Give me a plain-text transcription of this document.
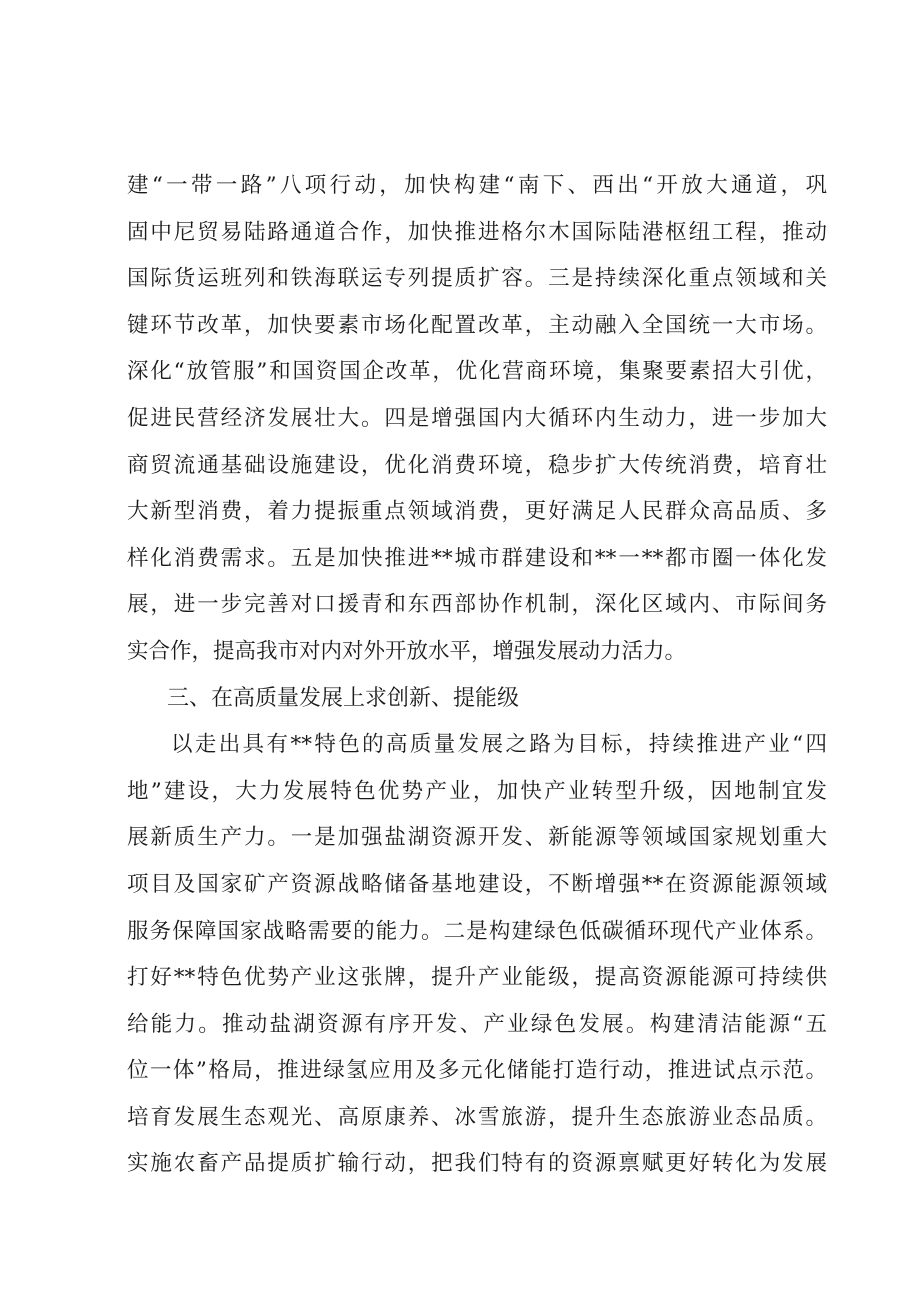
建“一带一路”八项行动，加快构建“南下、西出“开放大通道，巩
固中尼贸易陆路通道合作，加快推进格尔木国际陆港枢纽工程，推动
国际货运班列和铁海联运专列提质扩容。三是持续深化重点领域和关
键环节改革，加快要素市场化配置改革，主动融入全国统一大市场。
深化“放管服”和国资国企改革，优化营商环境，集聚要素招大引优，
促进民营经济发展壮大。四是增强国内大循环内生动力，进一步加大
商贸流通基础设施建设，优化消费环境，稳步扩大传统消费，培育壮
大新型消费，着力提振重点领域消费，更好满足人民群众高品质、多
样化消费需求。五是加快推进**城市群建设和**一**都市圈一体化发
展，进一步完善对口援青和东西部协作机制，深化区域内、市际间务
实合作，提高我市对内对外开放水平，增强发展动力活力。
三、在高质量发展上求创新、提能级
以走出具有**特色的高质量发展之路为目标，持续推进产业“四
地”建设，大力发展特色优势产业，加快产业转型升级，因地制宜发
展新质生产力。一是加强盐湖资源开发、新能源等领域国家规划重大
项目及国家矿产资源战略储备基地建设，不断增强**在资源能源领域
服务保障国家战略需要的能力。二是构建绿色低碳循环现代产业体系。
打好**特色优势产业这张牌，提升产业能级，提高资源能源可持续供
给能力。推动盐湖资源有序开发、产业绿色发展。构建清洁能源“五
位一体”格局，推进绿氢应用及多元化储能打造行动，推进试点示范。
培育发展生态观光、高原康养、冰雪旅游，提升生态旅游业态品质。
实施农畜产品提质扩输行动，把我们特有的资源禀赋更好转化为发展
